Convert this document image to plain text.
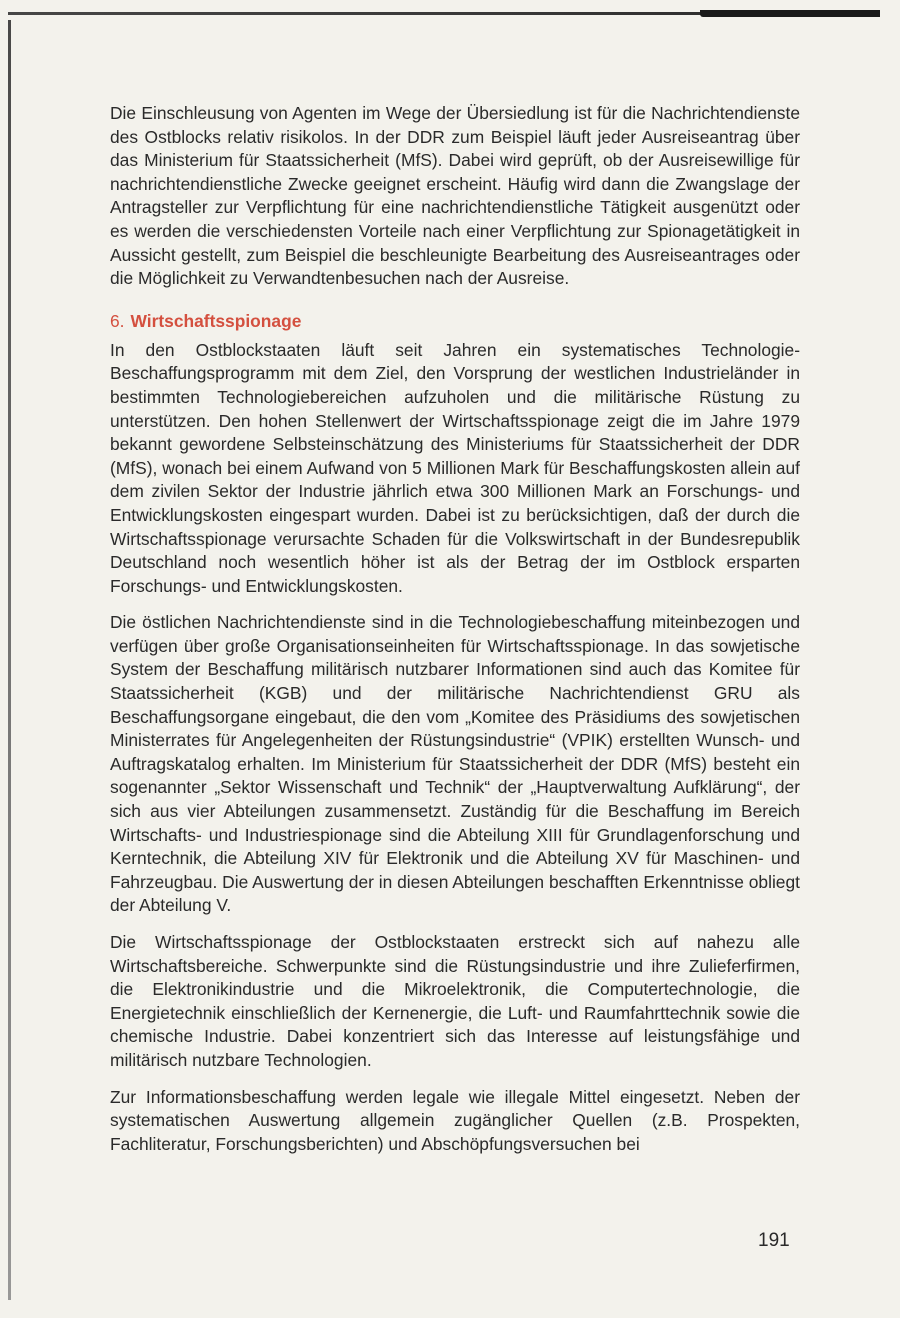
Die Einschleusung von Agenten im Wege der Übersiedlung ist für die Nachrichtendienste des Ostblocks relativ risikolos. In der DDR zum Beispiel läuft jeder Ausreiseantrag über das Ministerium für Staatssicherheit (MfS). Dabei wird geprüft, ob der Ausreisewillige für nachrichtendienstliche Zwecke geeignet erscheint. Häufig wird dann die Zwangslage der Antragsteller zur Verpflichtung für eine nachrichtendienstliche Tätigkeit ausgenützt oder es werden die verschiedensten Vorteile nach einer Verpflichtung zur Spionagetätigkeit in Aussicht gestellt, zum Beispiel die beschleunigte Bearbeitung des Ausreiseantrages oder die Möglichkeit zu Verwandtenbesuchen nach der Ausreise.

6. Wirtschaftsspionage

In den Ostblockstaaten läuft seit Jahren ein systematisches Technologie-Beschaffungsprogramm mit dem Ziel, den Vorsprung der westlichen Industrieländer in bestimmten Technologiebereichen aufzuholen und die militärische Rüstung zu unterstützen. Den hohen Stellenwert der Wirtschaftsspionage zeigt die im Jahre 1979 bekannt gewordene Selbsteinschätzung des Ministeriums für Staatssicherheit der DDR (MfS), wonach bei einem Aufwand von 5 Millionen Mark für Beschaffungskosten allein auf dem zivilen Sektor der Industrie jährlich etwa 300 Millionen Mark an Forschungs- und Entwicklungskosten eingespart wurden. Dabei ist zu berücksichtigen, daß der durch die Wirtschaftsspionage verursachte Schaden für die Volkswirtschaft in der Bundesrepublik Deutschland noch wesentlich höher ist als der Betrag der im Ostblock ersparten Forschungs- und Entwicklungskosten.

Die östlichen Nachrichtendienste sind in die Technologiebeschaffung miteinbezogen und verfügen über große Organisationseinheiten für Wirtschaftsspionage. In das sowjetische System der Beschaffung militärisch nutzbarer Informationen sind auch das Komitee für Staatssicherheit (KGB) und der militärische Nachrichtendienst GRU als Beschaffungsorgane eingebaut, die den vom „Komitee des Präsidiums des sowjetischen Ministerrates für Angelegenheiten der Rüstungsindustrie“ (VPIK) erstellten Wunsch- und Auftragskatalog erhalten. Im Ministerium für Staatssicherheit der DDR (MfS) besteht ein sogenannter „Sektor Wissenschaft und Technik“ der „Hauptverwaltung Aufklärung“, der sich aus vier Abteilungen zusammensetzt. Zuständig für die Beschaffung im Bereich Wirtschafts- und Industriespionage sind die Abteilung XIII für Grundlagenforschung und Kerntechnik, die Abteilung XIV für Elektronik und die Abteilung XV für Maschinen- und Fahrzeugbau. Die Auswertung der in diesen Abteilungen beschafften Erkenntnisse obliegt der Abteilung V.

Die Wirtschaftsspionage der Ostblockstaaten erstreckt sich auf nahezu alle Wirtschaftsbereiche. Schwerpunkte sind die Rüstungsindustrie und ihre Zulieferfirmen, die Elektronikindustrie und die Mikroelektronik, die Computertechnologie, die Energietechnik einschließlich der Kernenergie, die Luft- und Raumfahrttechnik sowie die chemische Industrie. Dabei konzentriert sich das Interesse auf leistungsfähige und militärisch nutzbare Technologien.

Zur Informationsbeschaffung werden legale wie illegale Mittel eingesetzt. Neben der systematischen Auswertung allgemein zugänglicher Quellen (z.B. Prospekten, Fachliteratur, Forschungsberichten) und Abschöpfungsversuchen bei

191
